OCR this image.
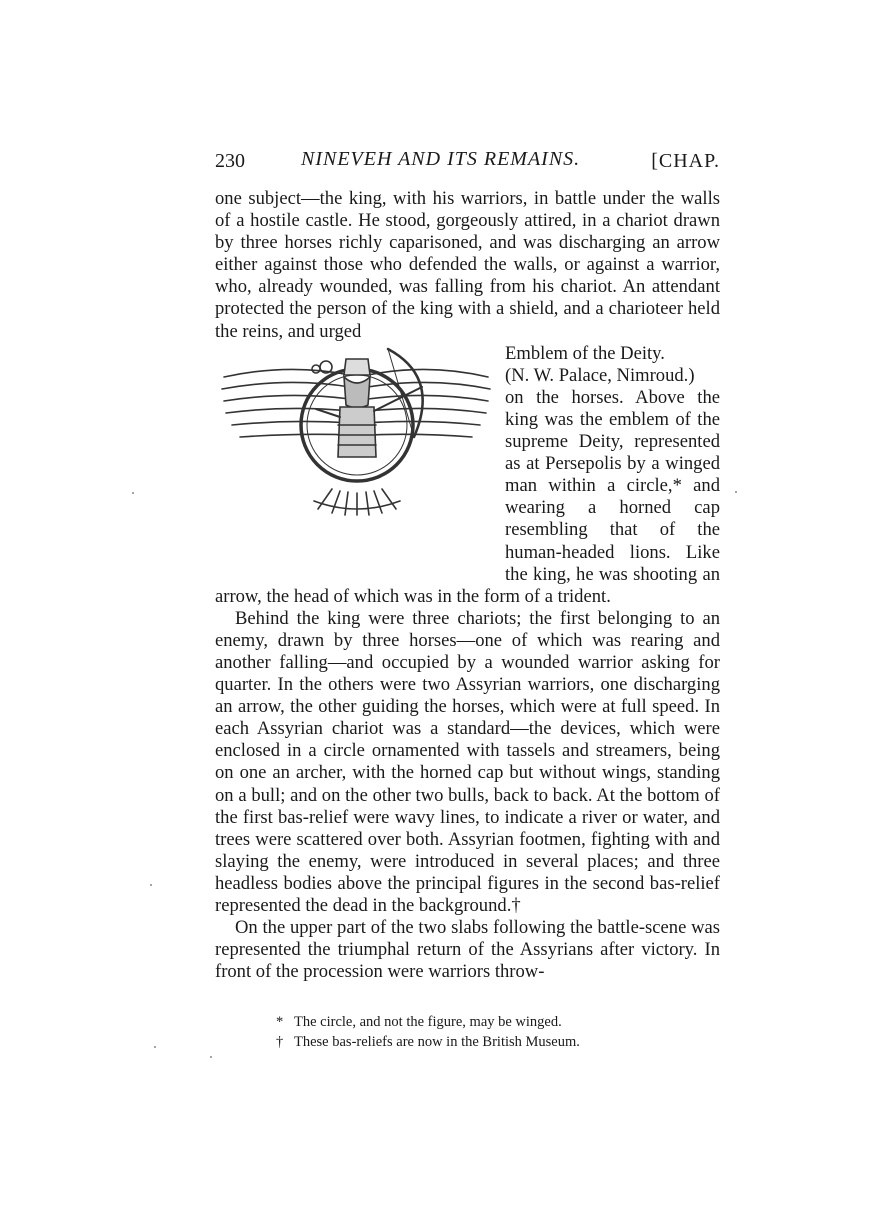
230	NINEVEH AND ITS REMAINS.	[CHAP.

one subject—the king, with his warriors, in battle under the walls of a hostile castle. He stood, gorgeously attired, in a chariot drawn by three horses richly caparisoned, and was discharging an arrow either against those who defended the walls, or against a warrior, who, already wounded, was falling from his chariot. An attendant protected the person of the king with a shield, and a charioteer held the reins, and urged

Emblem of the Deity.
(N. W. Palace, Nimroud.)
on the horses. Above the king was the emblem of the supreme Deity, represented as at Persepolis by a winged man within a circle,* and wearing a horned cap resembling that of the human-headed lions. Like the king, he was shooting an arrow, the head of which was in the form of a trident.

Behind the king were three chariots; the first belonging to an enemy, drawn by three horses—one of which was rearing and another falling—and occupied by a wounded warrior asking for quarter. In the others were two Assyrian warriors, one discharging an arrow, the other guiding the horses, which were at full speed. In each Assyrian chariot was a standard—the devices, which were enclosed in a circle ornamented with tassels and streamers, being on one an archer, with the horned cap but without wings, standing on a bull; and on the other two bulls, back to back. At the bottom of the first bas-relief were wavy lines, to indicate a river or water, and trees were scattered over both. Assyrian footmen, fighting with and slaying the enemy, were introduced in several places; and three headless bodies above the principal figures in the second bas-relief represented the dead in the background.†

On the upper part of the two slabs following the battle-scene was represented the triumphal return of the Assyrians after victory. In front of the procession were warriors throw-

* The circle, and not the figure, may be winged.
† These bas-reliefs are now in the British Museum.
